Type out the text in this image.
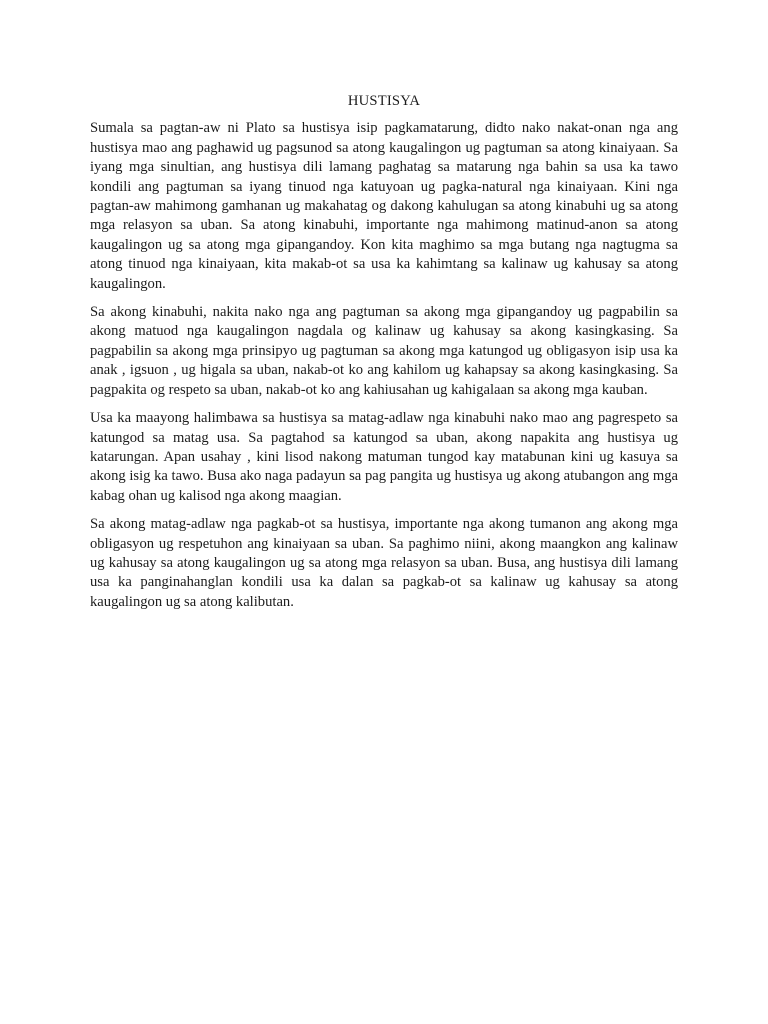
HUSTISYA

Sumala sa pagtan-aw ni Plato sa hustisya isip pagkamatarung, didto nako nakat-onan nga ang hustisya mao ang paghawid ug pagsunod sa atong kaugalingon ug pagtuman sa atong kinaiyaan. Sa iyang mga sinultian, ang hustisya dili lamang paghatag sa matarung nga bahin sa usa ka tawo kondili ang pagtuman sa iyang tinuod nga katuyoan ug pagka-natural nga kinaiyaan. Kini nga pagtan-aw mahimong gamhanan ug makahatag og dakong kahulugan sa atong kinabuhi ug sa atong mga relasyon sa uban. Sa atong kinabuhi, importante nga mahimong matinud-anon sa atong kaugalingon ug sa atong mga gipangandoy. Kon kita maghimo sa mga butang nga nagtugma sa atong tinuod nga kinaiyaan, kita makab-ot sa usa ka kahimtang sa kalinaw ug kahusay sa atong kaugalingon.

Sa akong kinabuhi, nakita nako nga ang pagtuman sa akong mga gipangandoy ug pagpabilin sa akong matuod nga kaugalingon nagdala og kalinaw ug kahusay sa akong kasingkasing. Sa pagpabilin sa akong mga prinsipyo ug pagtuman sa akong mga katungod ug obligasyon isip usa ka anak , igsuon , ug higala sa uban, nakab-ot ko ang kahilom ug kahapsay sa akong kasingkasing. Sa pagpakita og respeto sa uban, nakab-ot ko ang kahiusahan ug kahigalaan sa akong mga kauban.

Usa ka maayong halimbawa sa hustisya sa matag-adlaw nga kinabuhi nako mao ang pagrespeto sa katungod sa matag usa. Sa pagtahod sa katungod sa uban, akong napakita ang hustisya ug katarungan. Apan usahay , kini lisod nakong matuman tungod kay matabunan kini ug kasuya sa akong isig ka tawo. Busa ako naga padayun sa pag pangita ug hustisya ug akong atubangon ang mga kabag ohan ug kalisod nga akong maagian.

Sa akong matag-adlaw nga pagkab-ot sa hustisya, importante nga akong tumanon ang akong mga obligasyon ug respetuhon ang kinaiyaan sa uban. Sa paghimo niini, akong maangkon ang kalinaw ug kahusay sa atong kaugalingon ug sa atong mga relasyon sa uban. Busa, ang hustisya dili lamang usa ka panginahanglan kondili usa ka dalan sa pagkab-ot sa kalinaw ug kahusay sa atong kaugalingon ug sa atong kalibutan.
